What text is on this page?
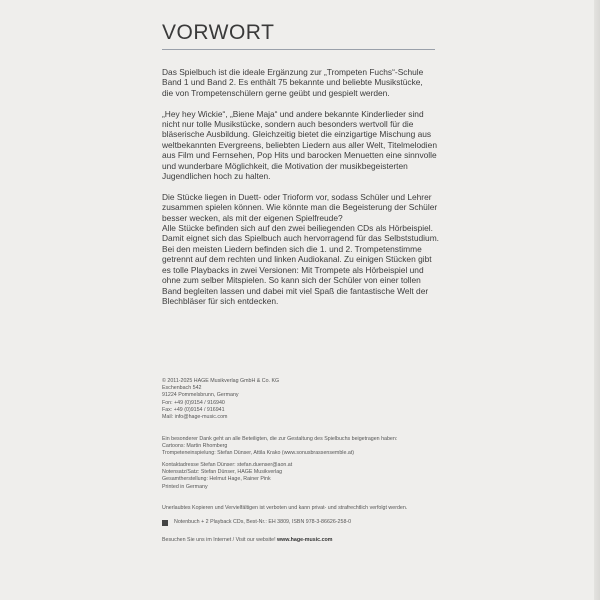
VORWORT

Das Spielbuch ist die ideale Ergänzung zur „Trompeten Fuchs“-Schule
Band 1 und Band 2. Es enthält 75 bekannte und beliebte Musikstücke,
die von Trompetenschülern gerne geübt und gespielt werden.

„Hey hey Wickie“, „Biene Maja“ und andere bekannte Kinderlieder sind
nicht nur tolle Musikstücke, sondern auch besonders wertvoll für die
bläserische Ausbildung. Gleichzeitig bietet die einzigartige Mischung aus
weltbekannten Evergreens, beliebten Liedern aus aller Welt, Titelmelodien
aus Film und Fernsehen, Pop Hits und barocken Menuetten eine sinnvolle
und wunderbare Möglichkeit, die Motivation der musikbegeisterten
Jugendlichen hoch zu halten.

Die Stücke liegen in Duett- oder Trioform vor, sodass Schüler und Lehrer
zusammen spielen können. Wie könnte man die Begeisterung der Schüler
besser wecken, als mit der eigenen Spielfreude?
Alle Stücke befinden sich auf den zwei beiliegenden CDs als Hörbeispiel.
Damit eignet sich das Spielbuch auch hervorragend für das Selbststudium.
Bei den meisten Liedern befinden sich die 1. und 2. Trompetenstimme
getrennt auf dem rechten und linken Audiokanal. Zu einigen Stücken gibt
es tolle Playbacks in zwei Versionen: Mit Trompete als Hörbeispiel und
ohne zum selber Mitspielen. So kann sich der Schüler von einer tollen
Band begleiten lassen und dabei mit viel Spaß die fantastische Welt der
Blechbläser für sich entdecken.

© 2011-2025 HAGE Musikverlag GmbH & Co. KG
Eschenbach 542
91224 Pommelsbrunn, Germany
Fon: +49 (0)9154 / 916940
Fax: +49 (0)9154 / 916941
Mail: info@hage-music.com
Ein besonderer Dank geht an alle Beteiligten, die zur Gestaltung des Spielbuchs beigetragen haben:
Cartoons: Martin Rhomberg
Trompeteneinspielung: Stefan Dünser, Attila Krako (www.sonusbrassensemble.at)
Kontaktadresse Stefan Dünser: stefan.duenser@aon.at
Notensatz/Satz: Stefan Dünser, HAGE Musikverlag
Gesamtherstellung: Helmut Hage, Rainer Pink
Printed in Germany
Unerlaubtes Kopieren und Vervielfältigen ist verboten und kann privat- und strafrechtlich verfolgt werden.
Notenbuch + 2 Playback CDs, Best-Nr.: EH 3809, ISBN 978-3-86626-258-0
Besuchen Sie uns im Internet / Visit our website! www.hage-music.com
